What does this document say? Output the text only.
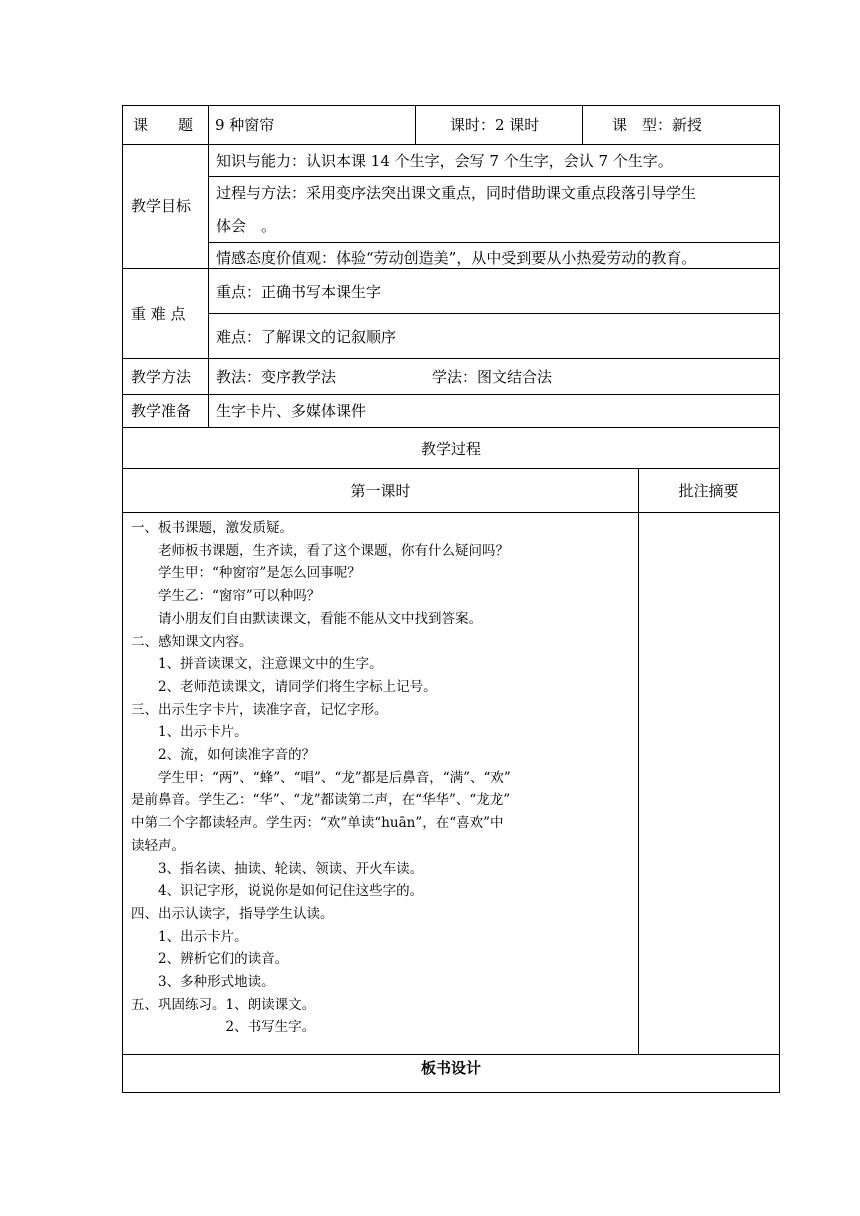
课　　题	9 种窗帘	课时：2 课时	课　型：新授
教学目标
知识与能力：认识本课 14 个生字，会写 7 个生字，会认 7 个生字。
过程与方法：采用变序法突出课文重点，同时借助课文重点段落引导学生
体会　。
情感态度价值观：体验“劳动创造美”，从中受到要从小热爱劳动的教育。
重 难 点
重点：正确书写本课生字
难点：了解课文的记叙顺序
教学方法 教法：变序教学法	学法：图文结合法
教学准备 生字卡片、多媒体课件
教学过程
第一课时	批注摘要
一、板书课题，激发质疑。
　　老师板书课题，生齐读，看了这个课题，你有什么疑问吗？
　　学生甲：“种窗帘”是怎么回事呢？
　　学生乙：“窗帘”可以种吗？
　　请小朋友们自由默读课文，看能不能从文中找到答案。
二、感知课文内容。
　　1、拼音读课文，注意课文中的生字。
　　2、老师范读课文，请同学们将生字标上记号。
三、出示生字卡片，读准字音，记忆字形。
　　1、出示卡片。
　　2、流，如何读准字音的？
　　学生甲：“两”、“蜂”、“唱”、“龙”都是后鼻音，“满”、“欢”
是前鼻音。学生乙：“华”、“龙”都读第二声，在“华华”、“龙龙”
中第二个字都读轻声。学生丙：“欢”单读“huān”，在“喜欢”中
读轻声。
　　3、指名读、抽读、轮读、领读、开火车读。
　　4、识记字形，说说你是如何记住这些字的。
四、出示认读字，指导学生认读。
　　1、出示卡片。
　　2、辨析它们的读音。
　　3、多种形式地读。
五、巩固练习。1、朗读课文。
　　　　　　　2、书写生字。
板书设计
